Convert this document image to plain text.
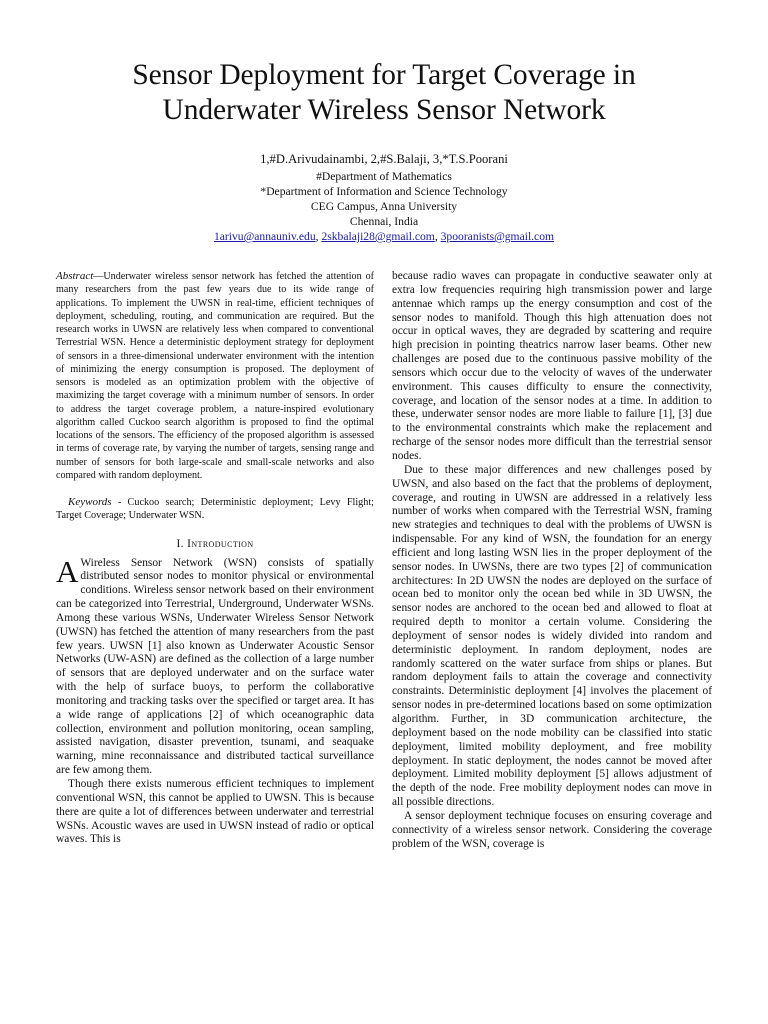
Sensor Deployment for Target Coverage in
Underwater Wireless Sensor Network
1,#D.Arivudainambi, 2,#S.Balaji, 3,*T.S.Poorani
#Department of Mathematics
*Department of Information and Science Technology
CEG Campus, Anna University
Chennai, India
1arivu@annauniv.edu, 2skbalaji28@gmail.com, 3pooranists@gmail.com

Abstract—Underwater wireless sensor network has fetched the attention of many researchers from the past few years due to its wide range of applications. To implement the UWSN in real-time, efficient techniques of deployment, scheduling, routing, and communication are required. But the research works in UWSN are relatively less when compared to conventional Terrestrial WSN. Hence a deterministic deployment strategy for deployment of sensors in a three-dimensional underwater environment with the intention of minimizing the energy consumption is proposed. The deployment of sensors is modeled as an optimization problem with the objective of maximizing the target coverage with a minimum number of sensors. In order to address the target coverage problem, a nature-inspired evolutionary algorithm called Cuckoo search algorithm is proposed to find the optimal locations of the sensors. The efficiency of the proposed algorithm is assessed in terms of coverage rate, by varying the number of targets, sensing range and number of sensors for both large-scale and small-scale networks and also compared with random deployment.

Keywords - Cuckoo search; Deterministic deployment; Levy Flight; Target Coverage; Underwater WSN.

I. Introduction

A Wireless Sensor Network (WSN) consists of spatially distributed sensor nodes to monitor physical or environmental conditions. Wireless sensor network based on their environment can be categorized into Terrestrial, Underground, Underwater WSNs. Among these various WSNs, Underwater Wireless Sensor Network (UWSN) has fetched the attention of many researchers from the past few years. UWSN [1] also known as Underwater Acoustic Sensor Networks (UW-ASN) are defined as the collection of a large number of sensors that are deployed underwater and on the surface water with the help of surface buoys, to perform the collaborative monitoring and tracking tasks over the specified or target area. It has a wide range of applications [2] of which oceanographic data collection, environment and pollution monitoring, ocean sampling, assisted navigation, disaster prevention, tsunami, and seaquake warning, mine reconnaissance and distributed tactical surveillance are few among them.

Though there exists numerous efficient techniques to implement conventional WSN, this cannot be applied to UWSN. This is because there are quite a lot of differences between underwater and terrestrial WSNs. Acoustic waves are used in UWSN instead of radio or optical waves. This is

because radio waves can propagate in conductive seawater only at extra low frequencies requiring high transmission power and large antennae which ramps up the energy consumption and cost of the sensor nodes to manifold. Though this high attenuation does not occur in optical waves, they are degraded by scattering and require high precision in pointing theatrics narrow laser beams. Other new challenges are posed due to the continuous passive mobility of the sensors which occur due to the velocity of waves of the underwater environment. This causes difficulty to ensure the connectivity, coverage, and location of the sensor nodes at a time. In addition to these, underwater sensor nodes are more liable to failure [1], [3] due to the environmental constraints which make the replacement and recharge of the sensor nodes more difficult than the terrestrial sensor nodes.

Due to these major differences and new challenges posed by UWSN, and also based on the fact that the problems of deployment, coverage, and routing in UWSN are addressed in a relatively less number of works when compared with the Terrestrial WSN, framing new strategies and techniques to deal with the problems of UWSN is indispensable. For any kind of WSN, the foundation for an energy efficient and long lasting WSN lies in the proper deployment of the sensor nodes. In UWSNs, there are two types [2] of communication architectures: In 2D UWSN the nodes are deployed on the surface of ocean bed to monitor only the ocean bed while in 3D UWSN, the sensor nodes are anchored to the ocean bed and allowed to float at required depth to monitor a certain volume. Considering the deployment of sensor nodes is widely divided into random and deterministic deployment. In random deployment, nodes are randomly scattered on the water surface from ships or planes. But random deployment fails to attain the coverage and connectivity constraints. Deterministic deployment [4] involves the placement of sensor nodes in pre-determined locations based on some optimization algorithm. Further, in 3D communication architecture, the deployment based on the node mobility can be classified into static deployment, limited mobility deployment, and free mobility deployment. In static deployment, the nodes cannot be moved after deployment. Limited mobility deployment [5] allows adjustment of the depth of the node. Free mobility deployment nodes can move in all possible directions.

A sensor deployment technique focuses on ensuring coverage and connectivity of a wireless sensor network. Considering the coverage problem of the WSN, coverage is
